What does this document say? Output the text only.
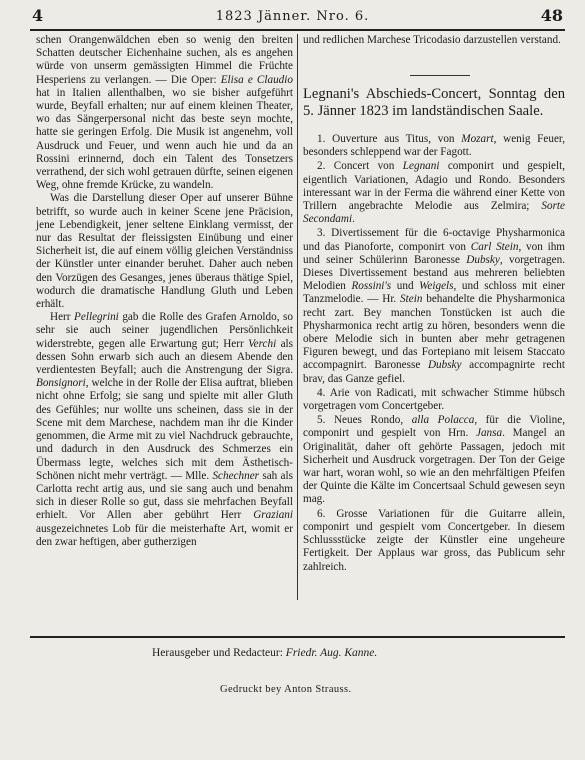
4	1823 Jänner. Nro. 6.	48

schen Orangenwäldchen eben so wenig den breiten Schatten deutscher Eichenhaine suchen, als es angehen würde von unserm gemässigten Himmel die Früchte Hesperiens zu verlangen. — Die Oper: Elisa e Claudio hat in Italien allenthalben, wo sie bisher aufgeführt wurde, Beyfall erhalten; nur auf einem kleinen Theater, wo das Sängerpersonal nicht das beste seyn mochte, hatte sie geringen Erfolg. Die Musik ist angenehm, voll Ausdruck und Feuer, und wenn auch hie und da an Rossini erinnernd, doch ein Talent des Tonsetzers verrathend, der sich wohl getrauen dürfte, seinen eigenen Weg, ohne fremde Krücke, zu wandeln.

Was die Darstellung dieser Oper auf unserer Bühne betrifft, so wurde auch in keiner Scene jene Präcision, jene Lebendigkeit, jener seltene Einklang vermisst, der nur das Resultat der fleissigsten Einübung und einer Sicherheit ist, die auf einem völlig gleichen Verständniss der Künstler unter einander beruhet. Daher auch neben den Vorzügen des Gesanges, jenes überaus thätige Spiel, wodurch die dramatische Handlung Gluth und Leben erhält.

Herr Pellegrini gab die Rolle des Grafen Arnoldo, so sehr sie auch seiner jugendlichen Persönlichkeit widerstrebte, gegen alle Erwartung gut; Herr Verchi als dessen Sohn erwarb sich auch an diesem Abende den verdientesten Beyfall; auch die Anstrengung der Sigra. Bonsignori, welche in der Rolle der Elisa auftrat, blieben nicht ohne Erfolg; sie sang und spielte mit aller Gluth des Gefühles; nur wollte uns scheinen, dass sie in der Scene mit dem Marchese, nachdem man ihr die Kinder genommen, die Arme mit zu viel Nachdruck gebrauchte, und dadurch in den Ausdruck des Schmerzes ein Übermass legte, welches sich mit dem Ästhetisch-Schönen nicht mehr verträgt. — Mlle. Schechner sah als Carlotta recht artig aus, und sie sang auch und benahm sich in dieser Rolle so gut, dass sie mehrfachen Beyfall erhielt. Vor Allen aber gebührt Herr Graziani ausgezeichnetes Lob für die meisterhafte Art, womit er den zwar heftigen, aber gutherzigen

und redlichen Marchese Tricodasio darzustellen verstand.

Legnani's Abschieds-Concert, Sonntag den 5. Jänner 1823 im landständischen Saale.

1. Ouverture aus Titus, von Mozart, wenig Feuer, besonders schleppend war der Fagott.

2. Concert von Legnani componirt und gespielt, eigentlich Variationen, Adagio und Rondo. Besonders interessant war in der Ferma die während einer Kette von Trillern angebrachte Melodie aus Zelmira; Sorte Secondami.

3. Divertissement für die 6-octavige Physharmonica und das Pianoforte, componirt von Carl Stein, von ihm und seiner Schülerinn Baronesse Dubsky, vorgetragen. Dieses Divertissement bestand aus mehreren beliebten Melodien Rossini's und Weigels, und schloss mit einer Tanzmelodie. — Hr. Stein behandelte die Physharmonica recht zart. Bey manchen Tonstücken ist auch die Physharmonica recht artig zu hören, besonders wenn die obere Melodie sich in bunten aber mehr getragenen Figuren bewegt, und das Fortepiano mit leisem Staccato accompagnirt. Baronesse Dubsky accompagnirte recht brav, das Ganze gefiel.

4. Arie von Radicati, mit schwacher Stimme hübsch vorgetragen vom Concertgeber.

5. Neues Rondo, alla Polacca, für die Violine, componirt und gespielt von Hrn. Jansa. Mangel an Originalität, daher oft gehörte Passagen, jedoch mit Sicherheit und Ausdruck vorgetragen. Der Ton der Geige war hart, woran wohl, so wie an den mehrfältigen Pfeifen der Quinte die Kälte im Concertsaal Schuld gewesen seyn mag.

6. Grosse Variationen für die Guitarre allein, componirt und gespielt vom Concertgeber. In diesem Schlussstücke zeigte der Künstler eine ungeheure Fertigkeit. Der Applaus war gross, das Publicum sehr zahlreich.

Herausgeber und Redacteur: Friedr. Aug. Kanne.
Gedruckt bey Anton Strauss.
